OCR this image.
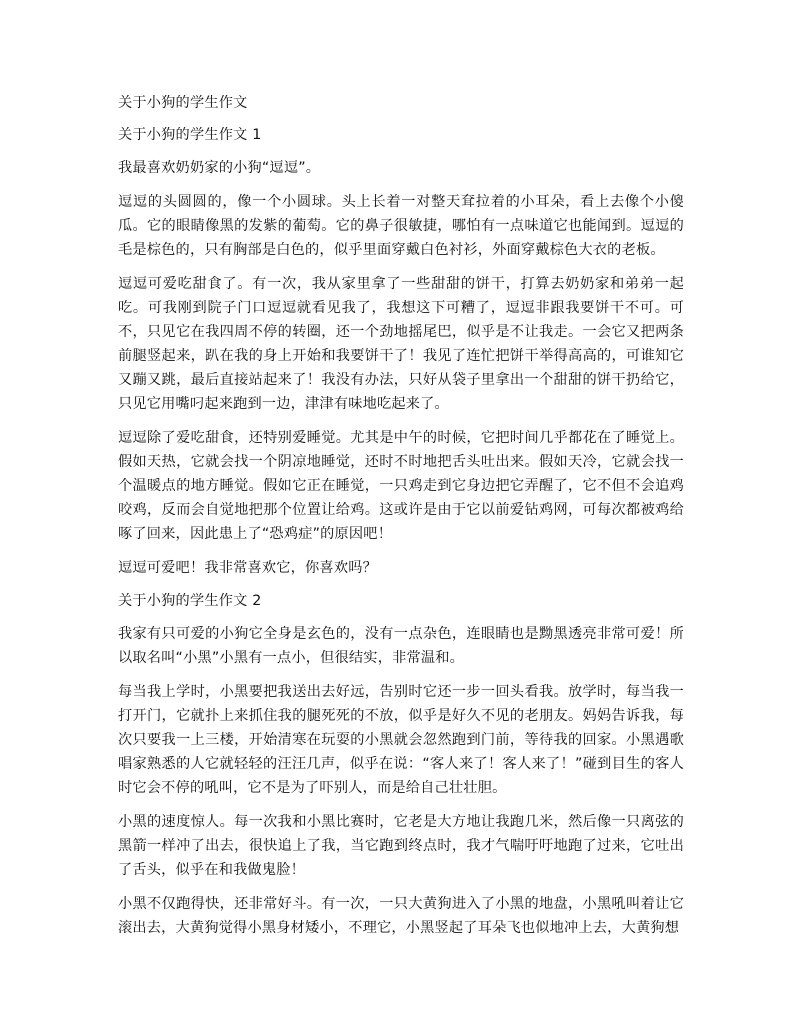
关于小狗的学生作文

关于小狗的学生作文 1

我最喜欢奶奶家的小狗“逗逗”。

逗逗的头圆圆的，像一个小圆球。头上长着一对整天耷拉着的小耳朵，看上去像个小傻瓜。它的眼睛像黑的发紫的葡萄。它的鼻子很敏捷，哪怕有一点味道它也能闻到。逗逗的毛是棕色的，只有胸部是白色的，似乎里面穿戴白色衬衫，外面穿戴棕色大衣的老板。

逗逗可爱吃甜食了。有一次，我从家里拿了一些甜甜的饼干，打算去奶奶家和弟弟一起吃。可我刚到院子门口逗逗就看见我了，我想这下可糟了，逗逗非跟我要饼干不可。可不，只见它在我四周不停的转圈，还一个劲地摇尾巴，似乎是不让我走。一会它又把两条前腿竖起来，趴在我的身上开始和我要饼干了！我见了连忙把饼干举得高高的，可谁知它又蹦又跳，最后直接站起来了！我没有办法，只好从袋子里拿出一个甜甜的饼干扔给它，只见它用嘴叼起来跑到一边，津津有味地吃起来了。

逗逗除了爱吃甜食，还特别爱睡觉。尤其是中午的时候，它把时间几乎都花在了睡觉上。假如天热，它就会找一个阴凉地睡觉，还时不时地把舌头吐出来。假如天冷，它就会找一个温暖点的地方睡觉。假如它正在睡觉，一只鸡走到它身边把它弄醒了，它不但不会追鸡咬鸡，反而会自觉地把那个位置让给鸡。这或许是由于它以前爱钻鸡网，可每次都被鸡给啄了回来，因此患上了“恐鸡症”的原因吧！

逗逗可爱吧！我非常喜欢它，你喜欢吗？

关于小狗的学生作文 2

我家有只可爱的小狗它全身是玄色的，没有一点杂色，连眼睛也是黝黑透亮非常可爱！所以取名叫“小黑”小黑有一点小，但很结实，非常温和。

每当我上学时，小黑要把我送出去好远，告别时它还一步一回头看我。放学时，每当我一打开门，它就扑上来抓住我的腿死死的不放，似乎是好久不见的老朋友。妈妈告诉我，每次只要我一上三楼，开始清寒在玩耍的小黑就会忽然跑到门前，等待我的回家。小黑遇歌唱家熟悉的人它就轻轻的汪汪几声，似乎在说：“客人来了！客人来了！”碰到目生的客人时它会不停的吼叫，它不是为了吓别人，而是给自己壮壮胆。

小黑的速度惊人。每一次我和小黑比赛时，它老是大方地让我跑几米，然后像一只离弦的黑箭一样冲了出去，很快追上了我，当它跑到终点时，我才气喘吁吁地跑了过来，它吐出了舌头，似乎在和我做鬼脸！

小黑不仅跑得快，还非常好斗。有一次，一只大黄狗进入了小黑的地盘，小黑吼叫着让它滚出去，大黄狗觉得小黑身材矮小，不理它，小黑竖起了耳朵飞也似地冲上去，大黄狗想
